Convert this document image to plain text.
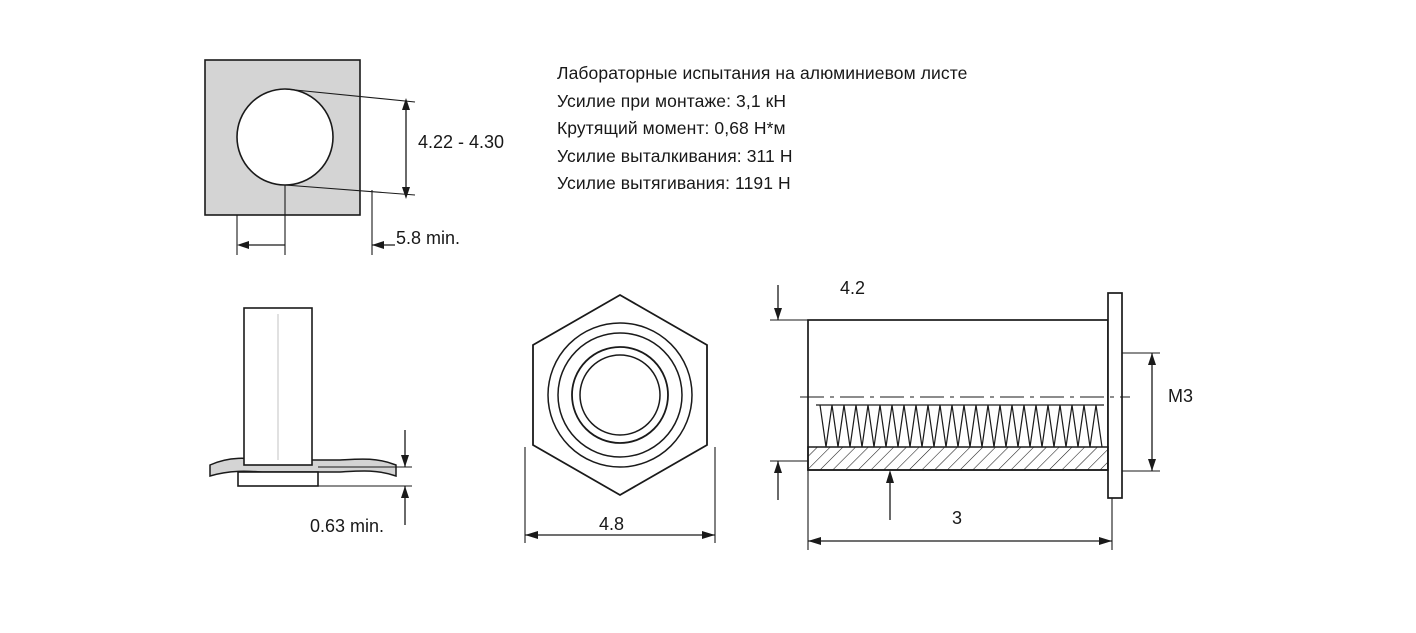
Лабораторные испытания на алюминиевом листе
Усилие при монтаже: 3,1 кН
Крутящий момент: 0,68 Н*м
Усилие выталкивания: 311 Н
Усилие вытягивания: 1191 Н
4.22 - 4.30
5.8 min.
0.63 min.	4.8
4.2
M3
3
